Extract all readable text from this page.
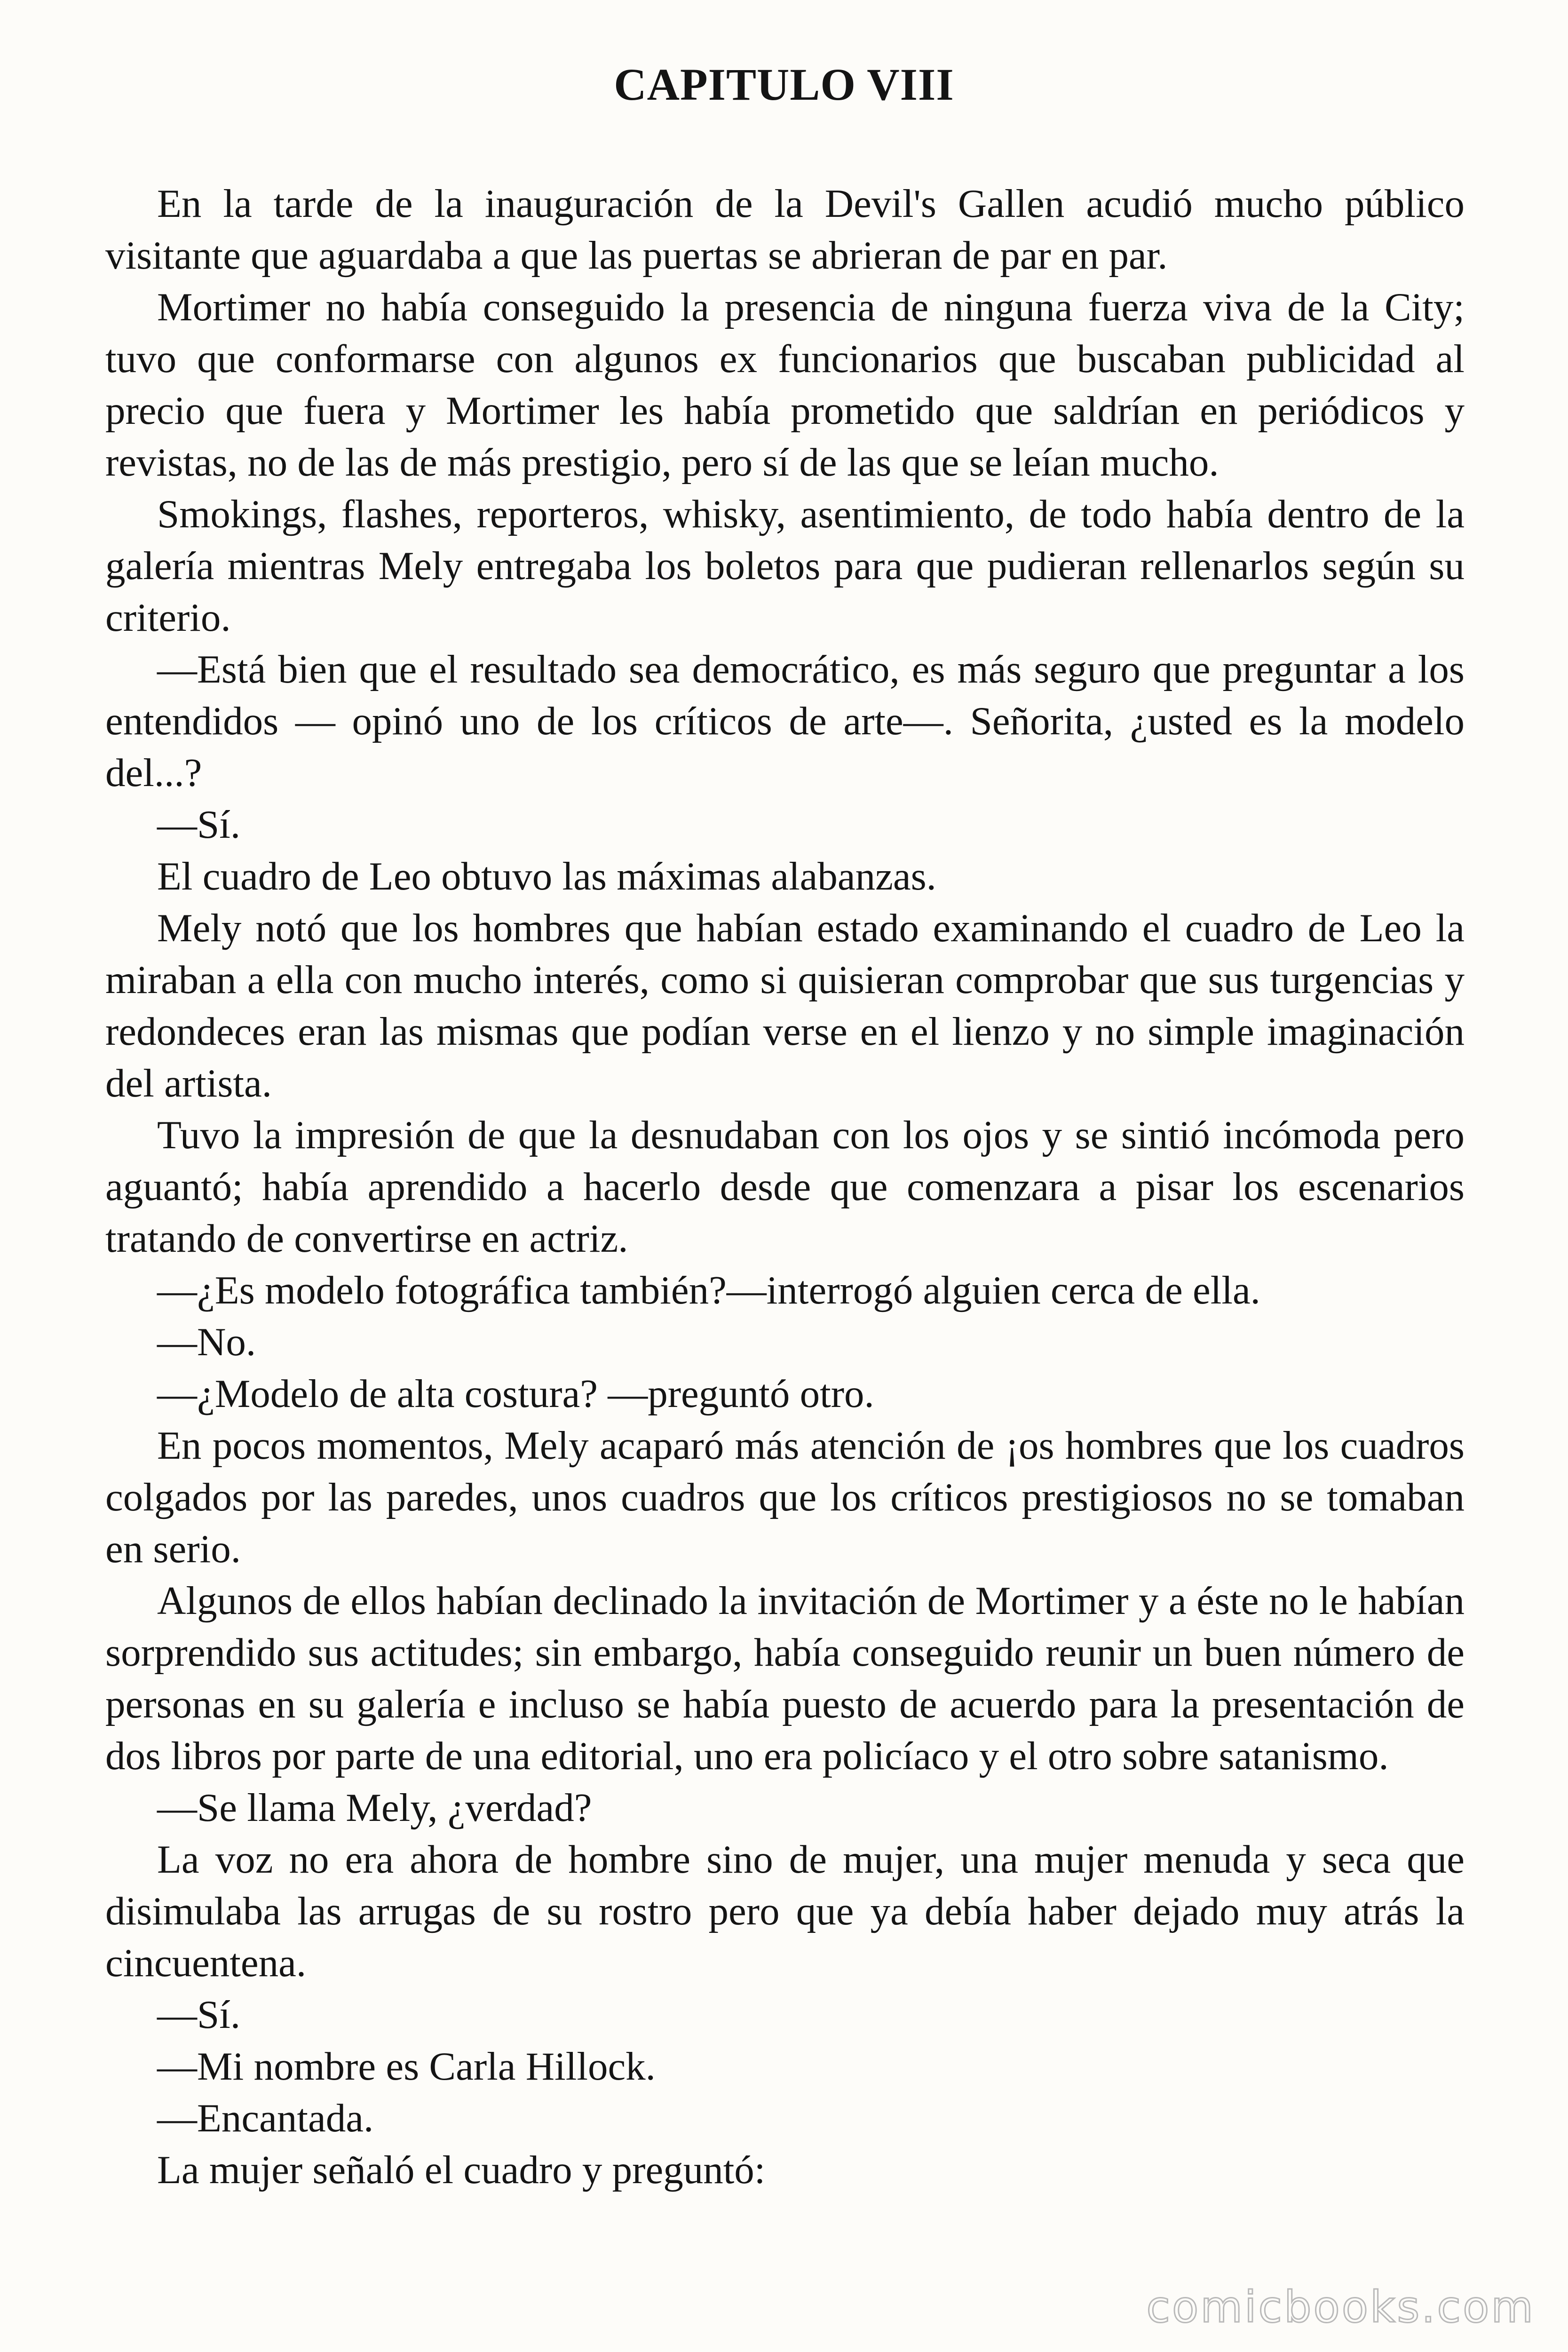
CAPITULO VIII

En la tarde de la inauguración de la Devil's Gallen acudió mucho público visitante que aguardaba a que las puertas se abrieran de par en par.

Mortimer no había conseguido la presencia de ninguna fuerza viva de la City; tuvo que conformarse con algunos ex funcionarios que buscaban publicidad al precio que fuera y Mortimer les había prometido que saldrían en periódicos y revistas, no de las de más prestigio, pero sí de las que se leían mucho.

Smokings, flashes, reporteros, whisky, asentimiento, de todo había dentro de la galería mientras Mely entregaba los boletos para que pudieran rellenarlos según su criterio.

—Está bien que el resultado sea democrático, es más seguro que preguntar a los entendidos — opinó uno de los críticos de arte—. Señorita, ¿usted es la modelo del...?

—Sí.

El cuadro de Leo obtuvo las máximas alabanzas.

Mely notó que los hombres que habían estado examinando el cuadro de Leo la miraban a ella con mucho interés, como si quisieran comprobar que sus turgencias y redondeces eran las mismas que podían verse en el lienzo y no simple imaginación del artista.

Tuvo la impresión de que la desnudaban con los ojos y se sintió incómoda pero aguantó; había aprendido a hacerlo desde que comenzara a pisar los escenarios tratando de convertirse en actriz.

—¿Es modelo fotográfica también?—interrogó alguien cerca de ella.

—No.

—¿Modelo de alta costura? —preguntó otro.

En pocos momentos, Mely acaparó más atención de ¡os hombres que los cuadros colgados por las paredes, unos cuadros que los críticos prestigiosos no se tomaban en serio.

Algunos de ellos habían declinado la invitación de Mortimer y a éste no le habían sorprendido sus actitudes; sin embargo, había conseguido reunir un buen número de personas en su galería e incluso se había puesto de acuerdo para la presentación de dos libros por parte de una editorial, uno era policíaco y el otro sobre satanismo.

—Se llama Mely, ¿verdad?

La voz no era ahora de hombre sino de mujer, una mujer menuda y seca que disimulaba las arrugas de su rostro pero que ya debía haber dejado muy atrás la cincuentena.

—Sí.

—Mi nombre es Carla Hillock.

—Encantada.

La mujer señaló el cuadro y preguntó:

comicbooks.com
